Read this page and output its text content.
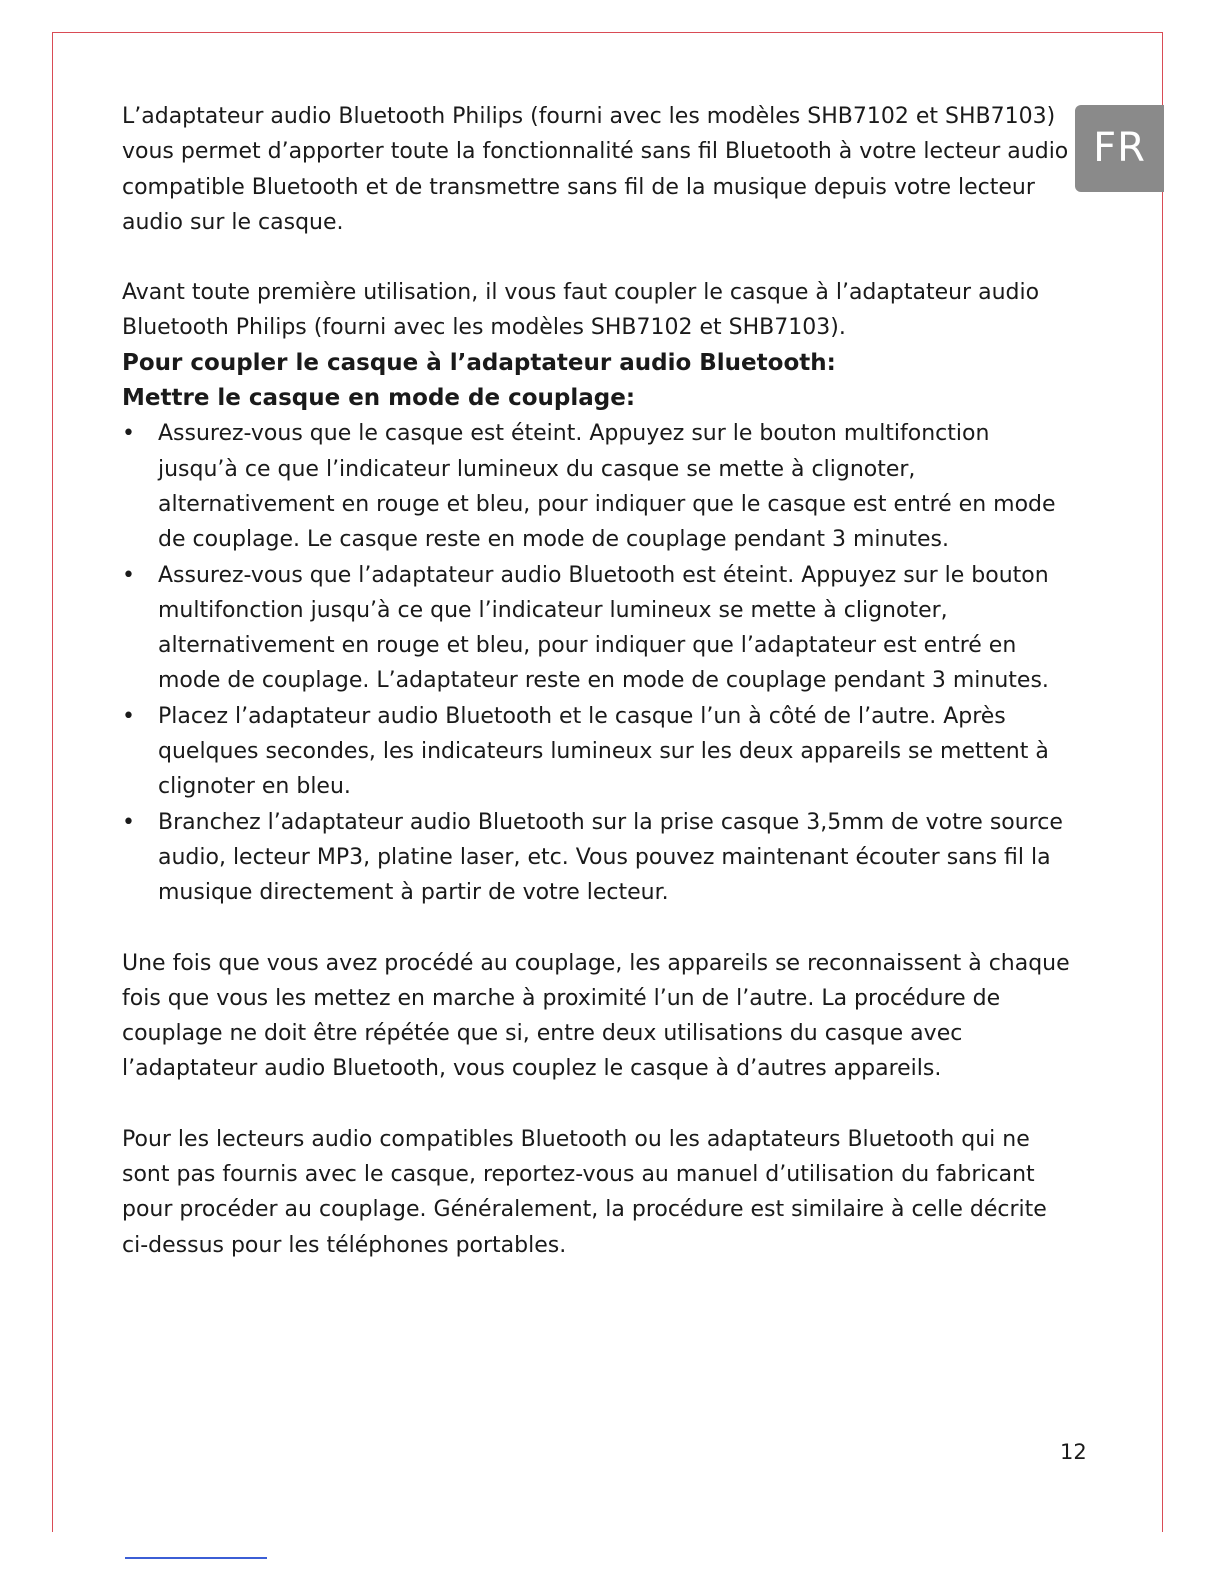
FR

L’adaptateur audio Bluetooth Philips (fourni avec les modèles SHB7102 et SHB7103) vous permet d’apporter toute la fonctionnalité sans fil Bluetooth à votre lecteur audio compatible Bluetooth et de transmettre sans fil de la musique depuis votre lecteur audio sur le casque.

Avant toute première utilisation, il vous faut coupler le casque à l’adaptateur audio Bluetooth Philips (fourni avec les modèles SHB7102 et SHB7103).

Pour coupler le casque à l’adaptateur audio Bluetooth:

Mettre le casque en mode de couplage:

• Assurez-vous que le casque est éteint. Appuyez sur le bouton multifonction jusqu’à ce que l’indicateur lumineux du casque se mette à clignoter, alternativement en rouge et bleu, pour indiquer que le casque est entré en mode de couplage. Le casque reste en mode de couplage pendant 3 minutes.
• Assurez-vous que l’adaptateur audio Bluetooth est éteint. Appuyez sur le bouton multifonction jusqu’à ce que l’indicateur lumineux se mette à clignoter, alternativement en rouge et bleu, pour indiquer que l’adaptateur est entré en mode de couplage. L’adaptateur reste en mode de couplage pendant 3 minutes.
• Placez l’adaptateur audio Bluetooth et le casque l’un à côté de l’autre. Après quelques secondes, les indicateurs lumineux sur les deux appareils se mettent à clignoter en bleu.
• Branchez l’adaptateur audio Bluetooth sur la prise casque 3,5mm de votre source audio, lecteur MP3, platine laser, etc. Vous pouvez maintenant écouter sans fil la musique directement à partir de votre lecteur.

Une fois que vous avez procédé au couplage, les appareils se reconnaissent à chaque fois que vous les mettez en marche à proximité l’un de l’autre. La procédure de couplage ne doit être répétée que si, entre deux utilisations du casque avec l’adaptateur audio Bluetooth, vous couplez le casque à d’autres appareils.

Pour les lecteurs audio compatibles Bluetooth ou les adaptateurs Bluetooth qui ne sont pas fournis avec le casque, reportez-vous au manuel d’utilisation du fabricant pour procéder au couplage. Généralement, la procédure est similaire à celle décrite ci-dessus pour les téléphones portables.

12
